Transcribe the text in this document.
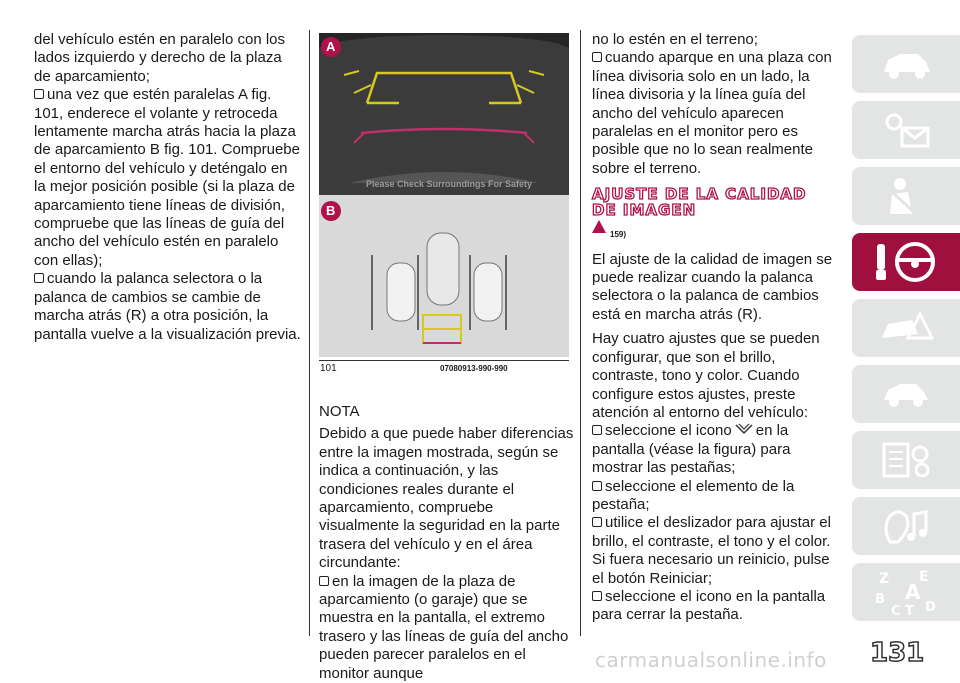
del vehículo estén en paralelo con los lados izquierdo y derecho de la plaza de aparcamiento;

una vez que estén paralelas A fig. 101, enderece el volante y retroceda lentamente marcha atrás hacia la plaza de aparcamiento B fig. 101. Compruebe el entorno del vehículo y deténgalo en la mejor posición posible (si la plaza de aparcamiento tiene líneas de división, compruebe que las líneas de guía del ancho del vehículo estén en paralelo con ellas);

cuando la palanca selectora o la palanca de cambios se cambie de marcha atrás (R) a otra posición, la pantalla vuelve a la visualización previa.

A
B
Please Check Surroundings For Safety
101	07080913-990-990

NOTA

Debido a que puede haber diferencias entre la imagen mostrada, según se indica a continuación, y las condiciones reales durante el aparcamiento, compruebe visualmente la seguridad en la parte trasera del vehículo y en el área circundante:

en la imagen de la plaza de aparcamiento (o garaje) que se muestra en la pantalla, el extremo trasero y las líneas de guía del ancho pueden parecer paralelos en el monitor aunque

no lo estén en el terreno;

cuando aparque en una plaza con línea divisoria solo en un lado, la línea divisoria y la línea guía del ancho del vehículo aparecen paralelas en el monitor pero es posible que no lo sean realmente sobre el terreno.

AJUSTE DE LA CALIDAD DE IMAGEN
159)

El ajuste de la calidad de imagen se puede realizar cuando la palanca selectora o la palanca de cambios está en marcha atrás (R).

Hay cuatro ajustes que se pueden configurar, que son el brillo, contraste, tono y color. Cuando configure estos ajustes, preste atención al entorno del vehículo:

seleccione el icono en la pantalla (véase la figura) para mostrar las pestañas;

seleccione el elemento de la pestaña;

utilice el deslizador para ajustar el brillo, el contraste, el tono y el color. Si fuera necesario un reinicio, pulse el botón Reiniciar;

seleccione el icono en la pantalla para cerrar la pestaña.

Z E
B A
D
C T
carmanualsonline.info 131
